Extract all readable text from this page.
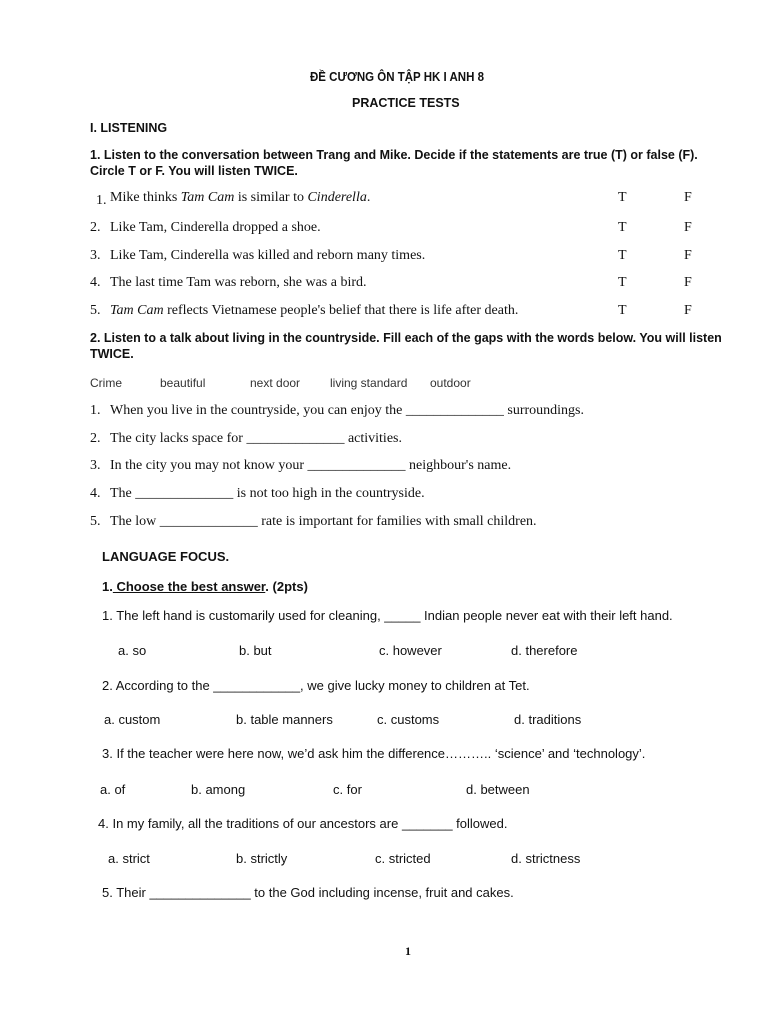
ĐỀ CƯƠNG ÔN TẬP HK I ANH 8
PRACTICE TESTS
I. LISTENING
1. Listen to the conversation between Trang and Mike. Decide if the statements are true (T) or false (F). Circle T or F. You will listen TWICE.
1. Mike thinks Tam Cam is similar to Cinderella.	T	F
2. Like Tam, Cinderella dropped a shoe.	T	F
3. Like Tam, Cinderella was killed and reborn many times.	T	F
4. The last time Tam was reborn, she was a bird.	T	F
5. Tam Cam reflects Vietnamese people's belief that there is life after death.	T	F
2. Listen to a talk about living in the countryside. Fill each of the gaps with the words below. You will listen TWICE.
Crime	beautiful	next door living standard outdoor
1. When you live in the countryside, you can enjoy the ______________ surroundings.
2. The city lacks space for ______________ activities.
3. In the city you may not know your ______________ neighbour's name.
4. The ______________ is not too high in the countryside.
5. The low ______________ rate is important for families with small children.
LANGUAGE FOCUS.
1. Choose the best answer. (2pts)
1. The left hand is customarily used for cleaning, _____ Indian people never eat with their left hand.
a. so	b. but	c. however	d. therefore
2. According to the ____________, we give lucky money to children at Tet.
a. custom	b. table manners	c. customs	d. traditions
3. If the teacher were here now, we’d ask him the difference……….. ‘science’ and ‘technology’.
a. of	b. among	c. for	d. between
4. In my family, all the traditions of our ancestors are _______ followed.
a. strict	b. strictly	c. stricted	d. strictness
5. Their ______________ to the God including incense, fruit and cakes.
1
